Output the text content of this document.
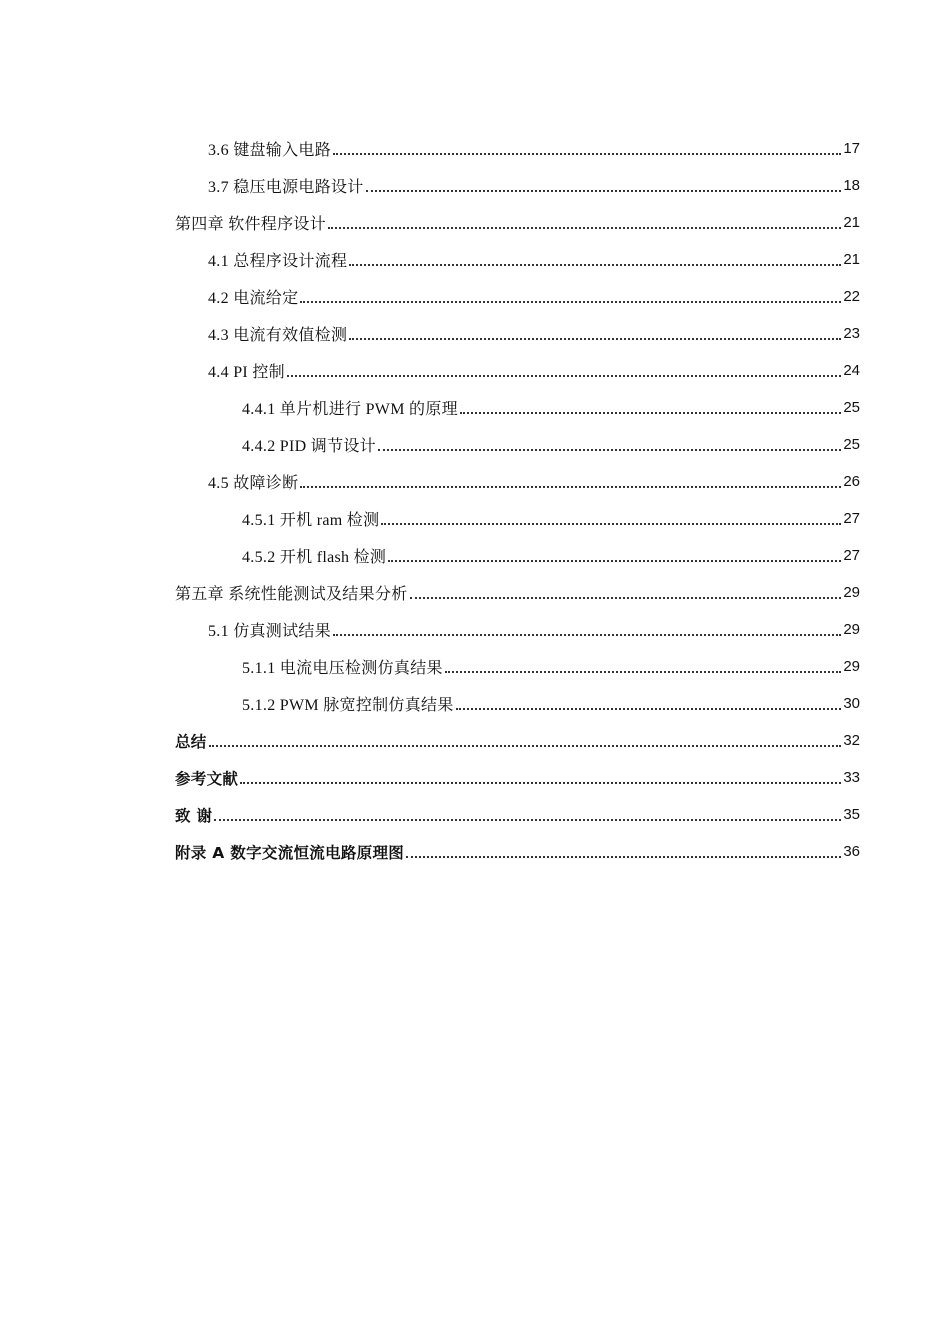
3.6 键盘输入电路	17
3.7 稳压电源电路设计	18
第四章 软件程序设计	21
4.1 总程序设计流程	21
4.2 电流给定	22
4.3 电流有效值检测	23
4.4 PI 控制	24
4.4.1 单片机进行 PWM 的原理	25
4.4.2 PID 调节设计	25
4.5 故障诊断	26
4.5.1 开机 ram 检测	27
4.5.2 开机 flash 检测	27
第五章 系统性能测试及结果分析	29
5.1 仿真测试结果	29
5.1.1 电流电压检测仿真结果	29
5.1.2 PWM 脉宽控制仿真结果	30
总结	32
参考文献	33
致 谢	35
附录 A 数字交流恒流电路原理图	36
